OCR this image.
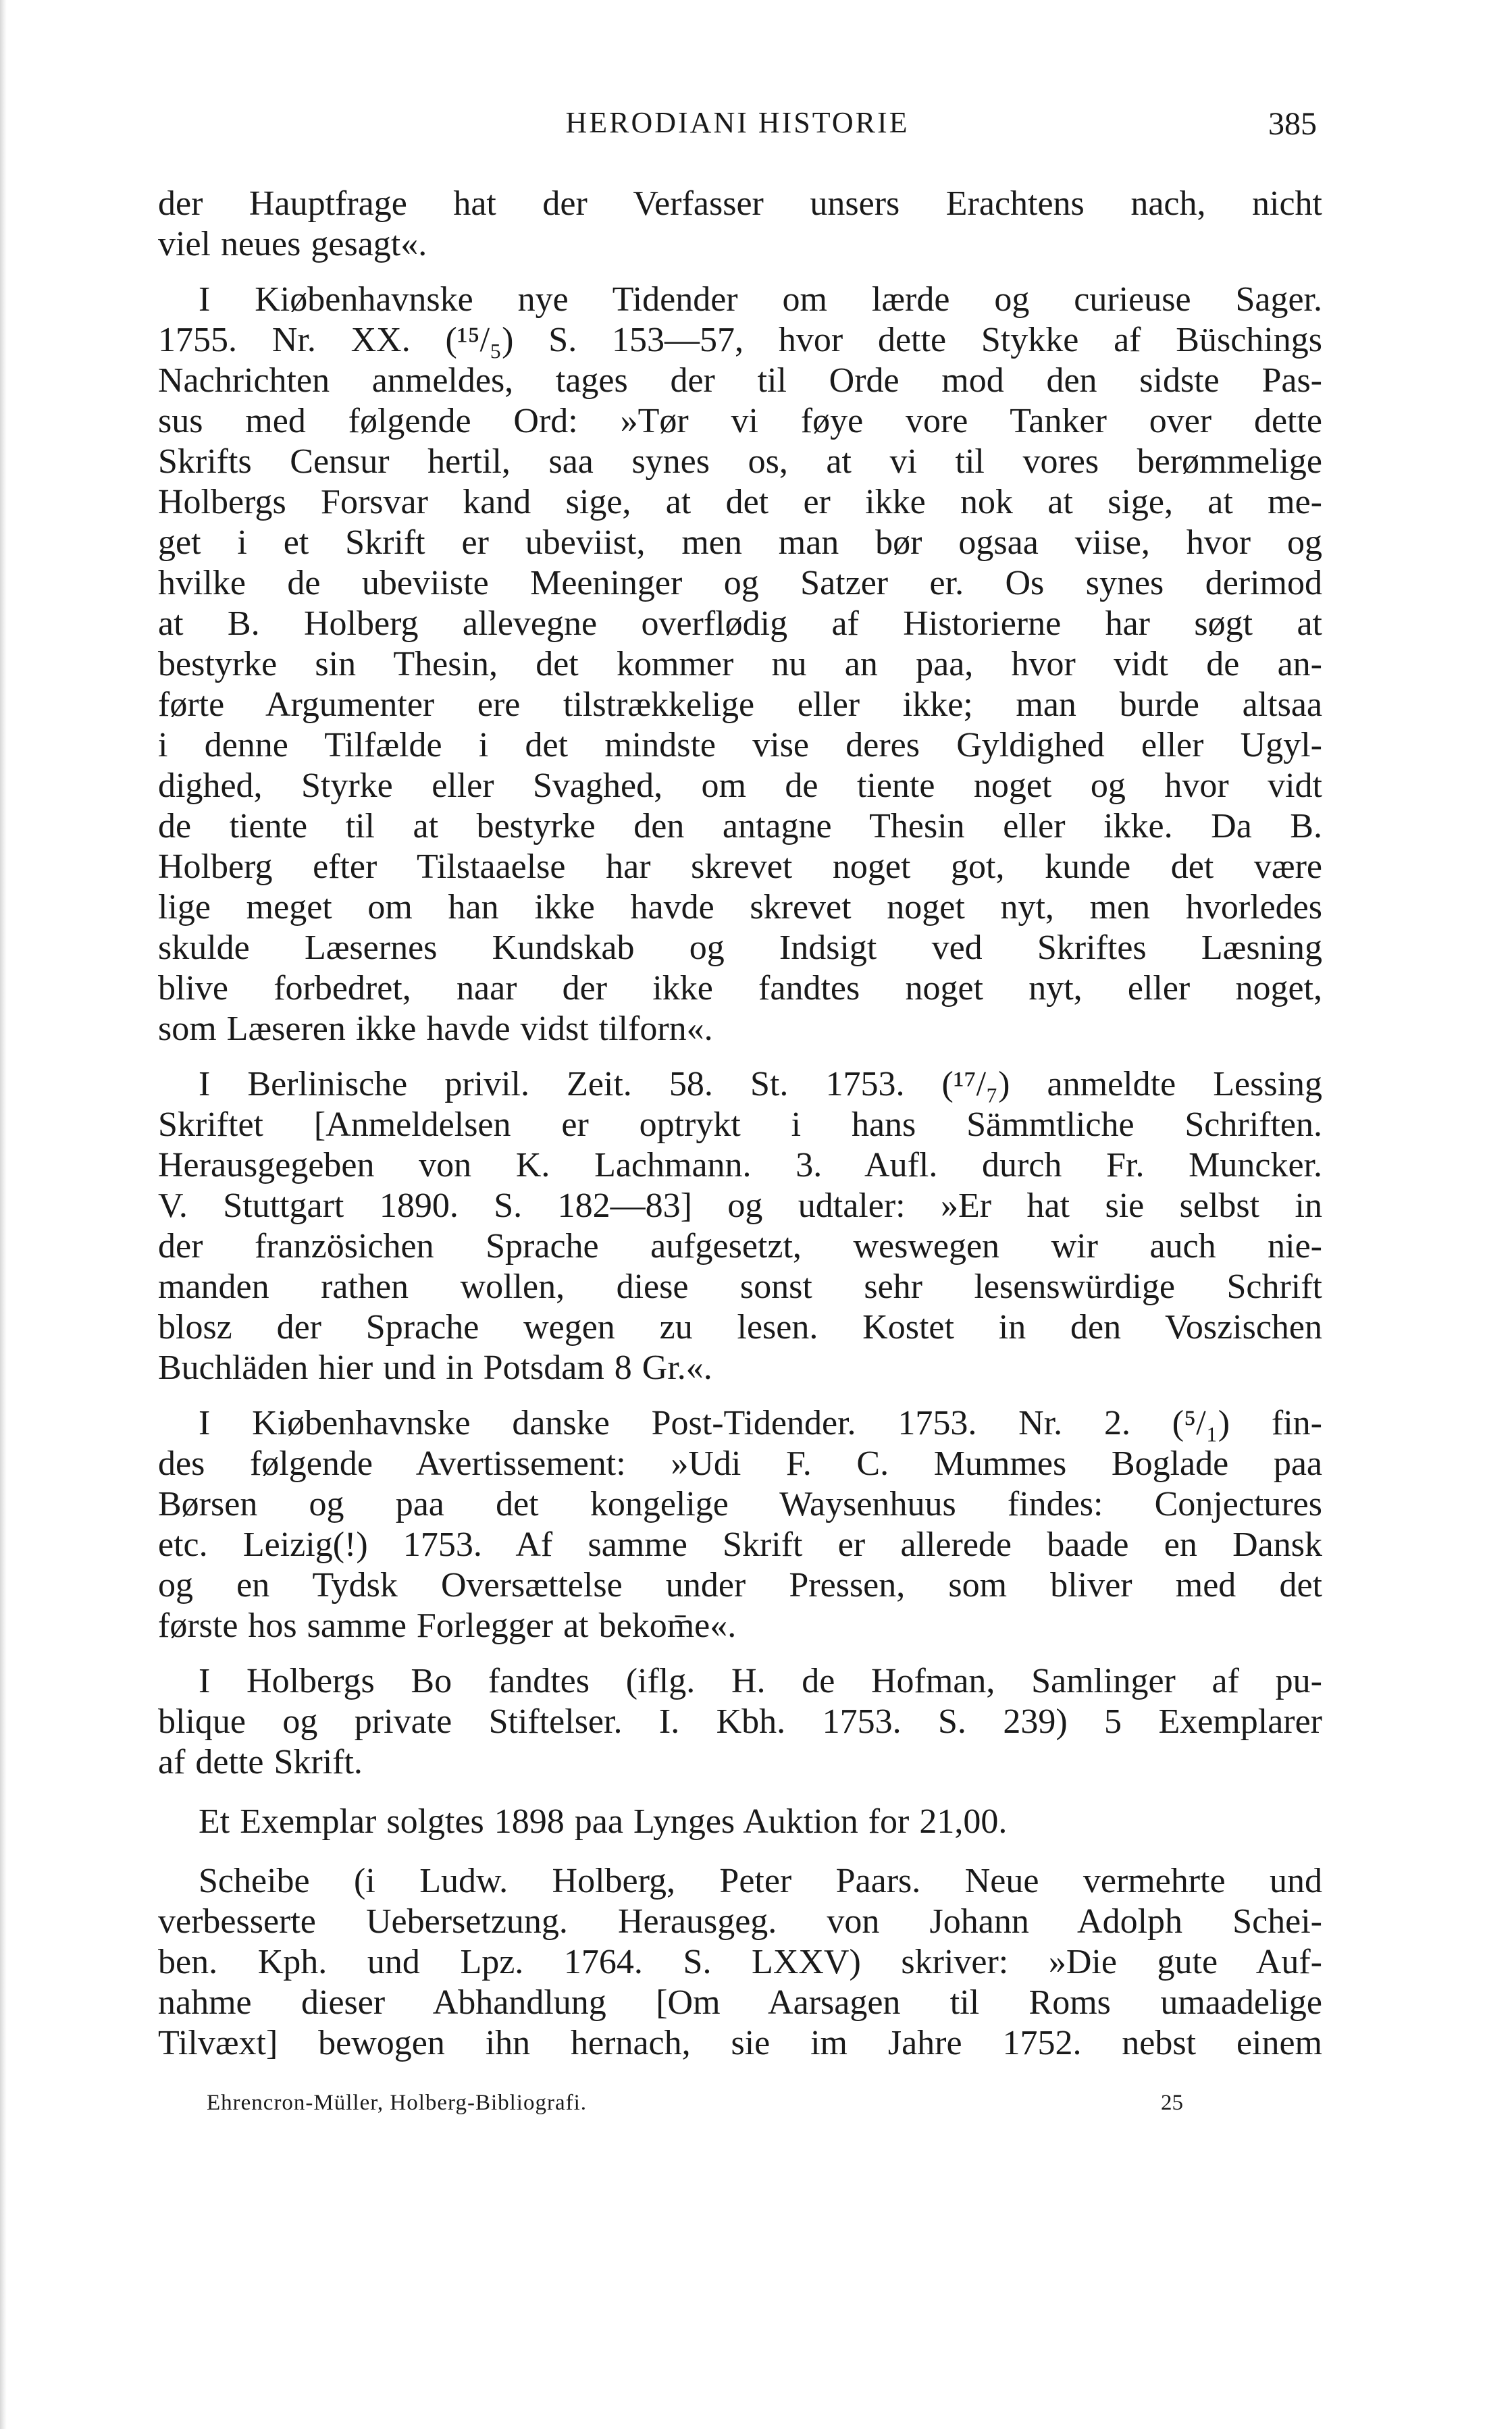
HERODIANI HISTORIE	385
der Hauptfrage hat der Verfasser unsers Erachtens nach, nicht
viel neues gesagt«.
I Kiøbenhavnske nye Tidender om lærde og curieuse Sager.
1755. Nr. XX. (¹⁵/₅) S. 153—57, hvor dette Stykke af Büschings
Nachrichten anmeldes, tages der til Orde mod den sidste Pas-
sus med følgende Ord: »Tør vi føye vore Tanker over dette
Skrifts Censur hertil, saa synes os, at vi til vores berømmelige
Holbergs Forsvar kand sige, at det er ikke nok at sige, at me-
get i et Skrift er ubeviist, men man bør ogsaa viise, hvor og
hvilke de ubeviiste Meeninger og Satzer er. Os synes derimod
at B. Holberg allevegne overflødig af Historierne har søgt at
bestyrke sin Thesin, det kommer nu an paa, hvor vidt de an-
førte Argumenter ere tilstrækkelige eller ikke; man burde altsaa
i denne Tilfælde i det mindste vise deres Gyldighed eller Ugyl-
dighed, Styrke eller Svaghed, om de tiente noget og hvor vidt
de tiente til at bestyrke den antagne Thesin eller ikke. Da B.
Holberg efter Tilstaaelse har skrevet noget got, kunde det være
lige meget om han ikke havde skrevet noget nyt, men hvorledes
skulde Læsernes Kundskab og Indsigt ved Skriftes Læsning
blive forbedret, naar der ikke fandtes noget nyt, eller noget,
som Læseren ikke havde vidst tilforn«.
I Berlinische privil. Zeit. 58. St. 1753. (¹⁷/₇) anmeldte Lessing
Skriftet [Anmeldelsen er optrykt i hans Sämmtliche Schriften.
Herausgegeben von K. Lachmann. 3. Aufl. durch Fr. Muncker.
V. Stuttgart 1890. S. 182—83] og udtaler: »Er hat sie selbst in
der französichen Sprache aufgesetzt, weswegen wir auch nie-
manden rathen wollen, diese sonst sehr lesenswürdige Schrift
blosz der Sprache wegen zu lesen. Kostet in den Voszischen
Buchläden hier und in Potsdam 8 Gr.«.
I Kiøbenhavnske danske Post-Tidender. 1753. Nr. 2. (⁵/₁) fin-
des følgende Avertissement: »Udi F. C. Mummes Boglade paa
Børsen og paa det kongelige Waysenhuus findes: Conjectures
etc. Leizig(!) 1753. Af samme Skrift er allerede baade en Dansk
og en Tydsk Oversættelse under Pressen, som bliver med det
første hos samme Forlegger at bekom̄e«.
I Holbergs Bo fandtes (iflg. H. de Hofman, Samlinger af pu-
blique og private Stiftelser. I. Kbh. 1753. S. 239) 5 Exemplarer
af dette Skrift.
Et Exemplar solgtes 1898 paa Lynges Auktion for 21,00.
Scheibe (i Ludw. Holberg, Peter Paars. Neue vermehrte und
verbesserte Uebersetzung. Herausgeg. von Johann Adolph Schei-
ben. Kph. und Lpz. 1764. S. LXXV) skriver: »Die gute Auf-
nahme dieser Abhandlung [Om Aarsagen til Roms umaadelige
Tilvæxt] bewogen ihn hernach, sie im Jahre 1752. nebst einem
Ehrencron-Müller, Holberg-Bibliografi.	25
